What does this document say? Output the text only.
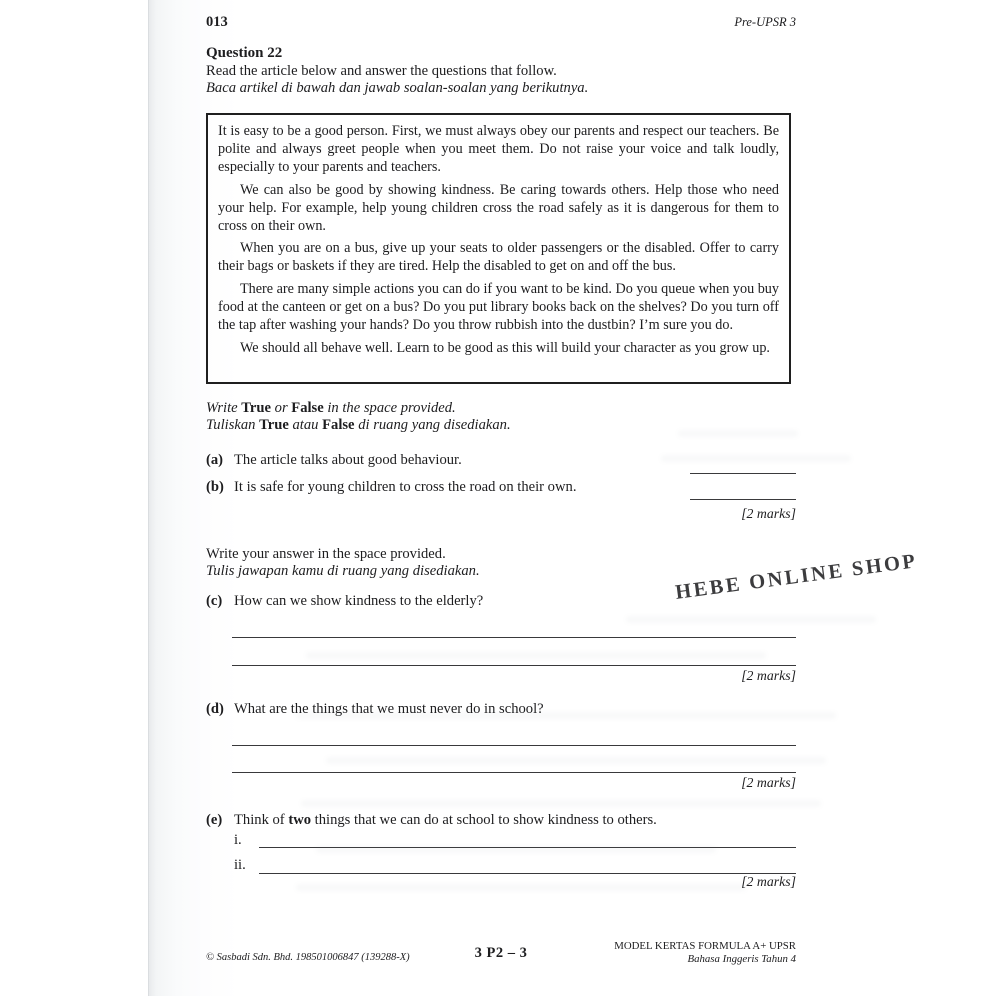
013	Pre-UPSR 3
Question 22
Read the article below and answer the questions that follow.
Baca artikel di bawah dan jawab soalan-soalan yang berikutnya.

It is easy to be a good person. First, we must always obey our parents and respect our teachers. Be polite and always greet people when you meet them. Do not raise your voice and talk loudly, especially to your parents and teachers.

We can also be good by showing kindness. Be caring towards others. Help those who need your help. For example, help young children cross the road safely as it is dangerous for them to cross on their own.

When you are on a bus, give up your seats to older passengers or the disabled. Offer to carry their bags or baskets if they are tired. Help the disabled to get on and off the bus.

There are many simple actions you can do if you want to be kind. Do you queue when you buy food at the canteen or get on a bus? Do you put library books back on the shelves? Do you turn off the tap after washing your hands? Do you throw rubbish into the dustbin? I’m sure you do.

We should all behave well. Learn to be good as this will build your character as you grow up.

Write True or False in the space provided.
Tuliskan True atau False di ruang yang disediakan.
(a) The article talks about good behaviour.
(b) It is safe for young children to cross the road on their own.
[2 marks]
Write your answer in the space provided.
Tulis jawapan kamu di ruang yang disediakan.
(c) How can we show kindness to the elderly?
[2 marks]
(d) What are the things that we must never do in school?
[2 marks]
(e) Think of two things that we can do at school to show kindness to others.
i.
ii.
[2 marks]
HEBE ONLINE SHOP
© Sasbadi Sdn. Bhd. 198501006847 (139288-X)	3 P2 – 3	MODEL KERTAS FORMULA A+ UPSR
Bahasa Inggeris Tahun 4
